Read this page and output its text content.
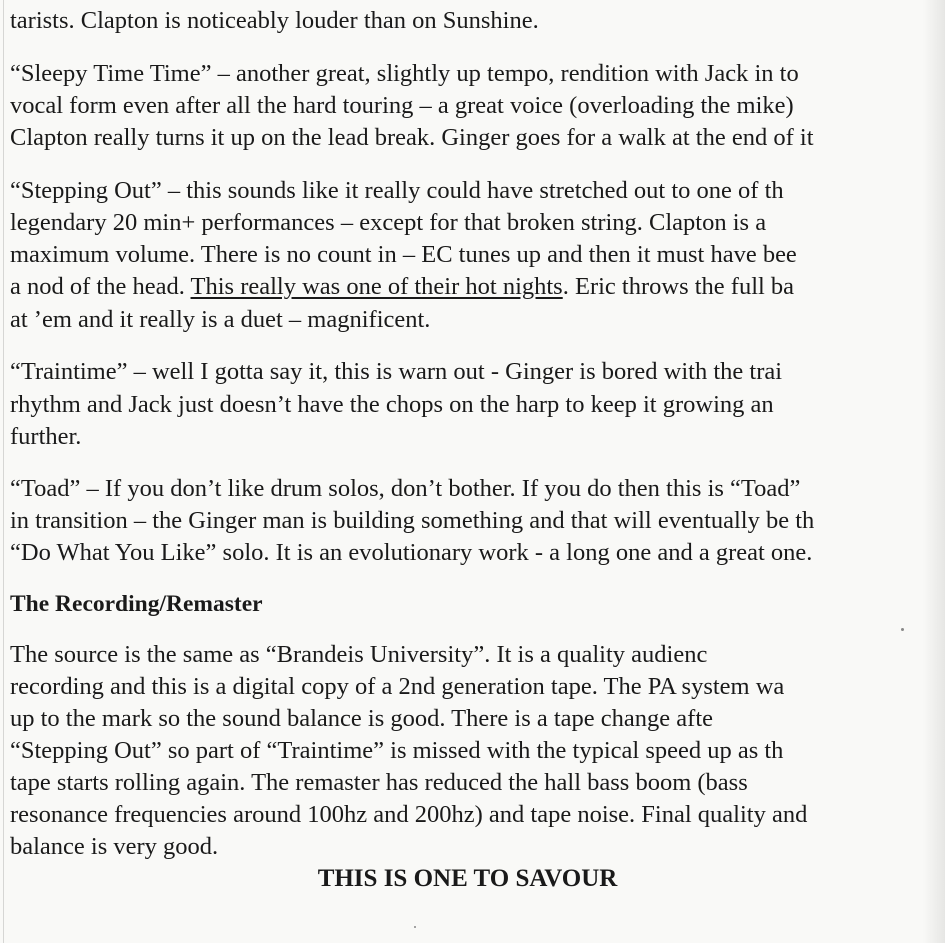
tarists. Clapton is noticeably louder than on Sunshine.
“Sleepy Time Time” – another great, slightly up tempo, rendition with Jack in to
vocal form even after all the hard touring – a great voice (overloading the mike)
Clapton really turns it up on the lead break. Ginger goes for a walk at the end of it
“Stepping Out” – this sounds like it really could have stretched out to one of th
legendary 20 min+ performances – except for that broken string. Clapton is a
maximum volume. There is no count in – EC tunes up and then it must have bee
a nod of the head. This really was one of their hot nights. Eric throws the full ba
at ’em and it really is a duet – magnificent.
“Traintime” – well I gotta say it, this is warn out - Ginger is bored with the trai
rhythm and Jack just doesn’t have the chops on the harp to keep it growing an
further.
“Toad” – If you don’t like drum solos, don’t bother. If you do then this is “Toad”
in transition – the Ginger man is building something and that will eventually be th
“Do What You Like” solo. It is an evolutionary work - a long one and a great one.
The Recording/Remaster
The source is the same as “Brandeis University”. It is a quality audienc
recording and this is a digital copy of a 2nd generation tape. The PA system wa
up to the mark so the sound balance is good. There is a tape change afte
“Stepping Out” so part of “Traintime” is missed with the typical speed up as th
tape starts rolling again. The remaster has reduced the hall bass boom (bass
resonance frequencies around 100hz and 200hz) and tape noise. Final quality and
balance is very good.
THIS IS ONE TO SAVOUR
